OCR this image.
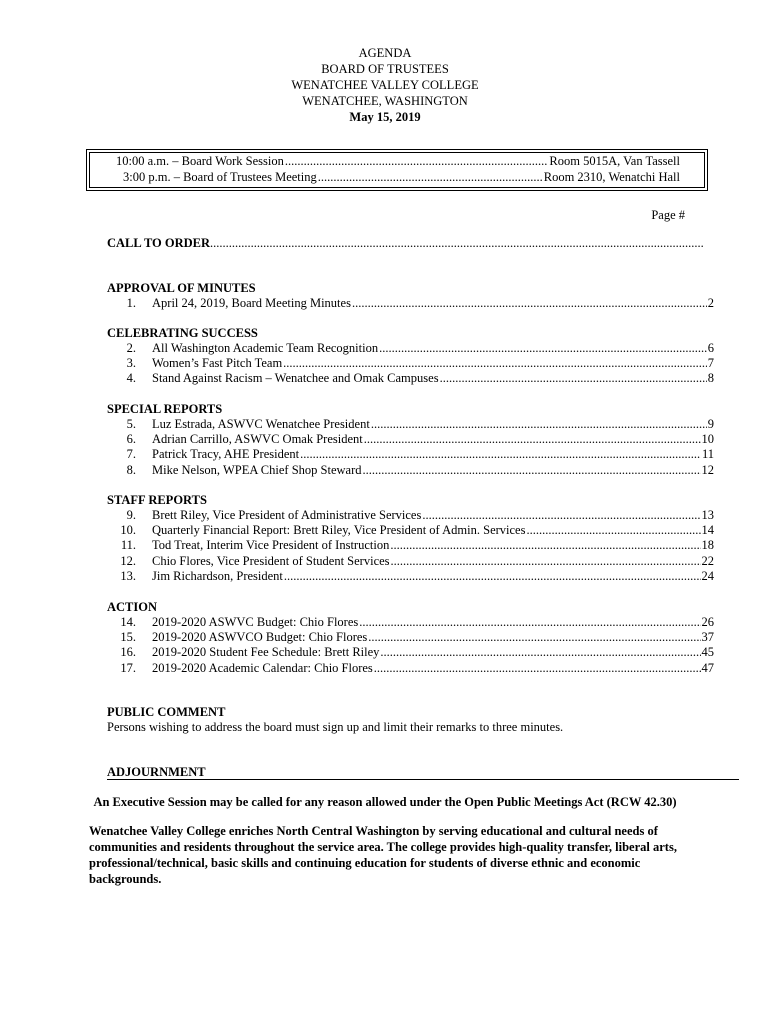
AGENDA
BOARD OF TRUSTEES
WENATCHEE VALLEY COLLEGE
WENATCHEE, WASHINGTON
May 15, 2019
10:00 a.m. – Board Work Session .....	Room 5015A, Van Tassell
3:00 p.m. – Board of Trustees Meeting .....	Room 2310, Wenatchi Hall
Page #
CALL TO ORDER
.....
APPROVAL OF MINUTES
1.	April 24, 2019, Board Meeting Minutes .....	2
CELEBRATING SUCCESS
2.	All Washington Academic Team Recognition .....	6
3.	Women’s Fast Pitch Team .....	7
4.	Stand Against Racism – Wenatchee and Omak Campuses .....	8
SPECIAL REPORTS
5.	Luz Estrada, ASWVC Wenatchee President .....	9
6.	Adrian Carrillo, ASWVC Omak President .....	10
7.	Patrick Tracy, AHE President .....	11
8.	Mike Nelson, WPEA Chief Shop Steward .....	12
STAFF REPORTS
9.	Brett Riley, Vice President of Administrative Services .....	13
10.	Quarterly Financial Report: Brett Riley, Vice President of Admin. Services .....	14
11.	Tod Treat, Interim Vice President of Instruction .....	18
12.	Chio Flores, Vice President of Student Services .....	22
13.	Jim Richardson, President .....	24
ACTION
14.	2019-2020 ASWVC Budget: Chio Flores .....	26
15.	2019-2020 ASWVCO Budget: Chio Flores .....	37
16.	2019-2020 Student Fee Schedule: Brett Riley .....	45
17.	2019-2020 Academic Calendar: Chio Flores .....	47
PUBLIC COMMENT
Persons wishing to address the board must sign up and limit their remarks to three minutes.
ADJOURNMENT
An Executive Session may be called for any reason allowed under the Open Public Meetings Act (RCW 42.30)
Wenatchee Valley College enriches North Central Washington by serving educational and cultural needs of communities and residents throughout the service area. The college provides high-quality transfer, liberal arts, professional/technical, basic skills and continuing education for students of diverse ethnic and economic backgrounds.
